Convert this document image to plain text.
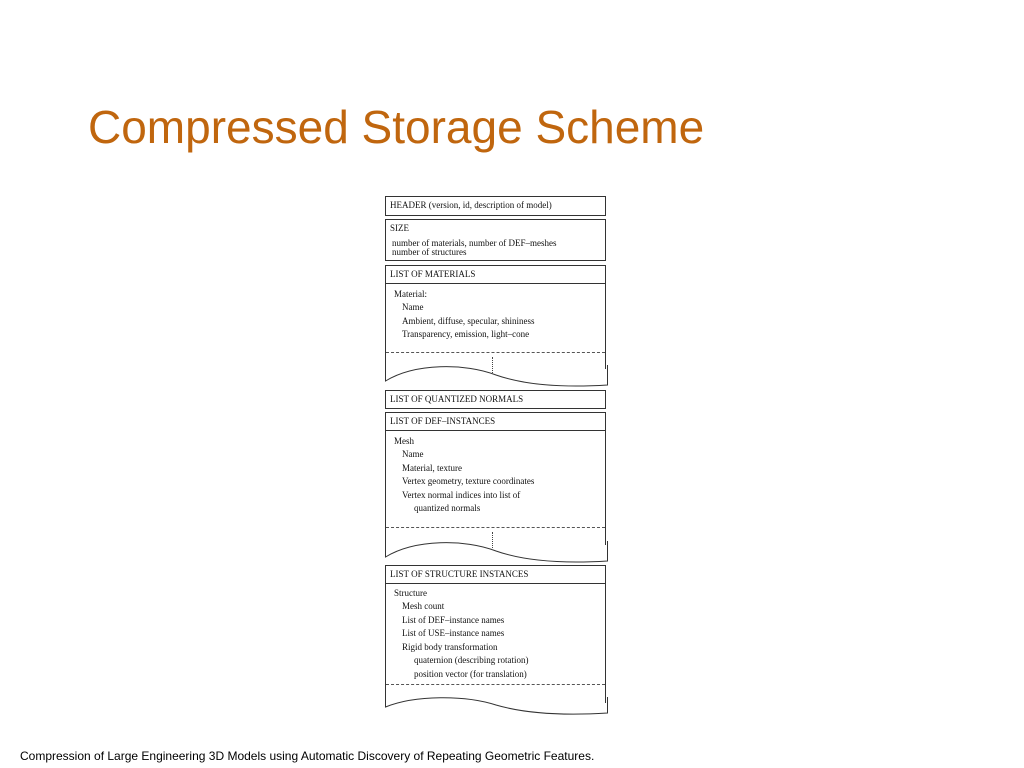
Compressed Storage Scheme
HEADER (version, id, description of model)
SIZE
number of materials, number of DEF–meshes
number of structures
LIST OF MATERIALS
Material:
Name
Ambient, diffuse, specular, shininess
Transparency, emission, light–cone
LIST OF QUANTIZED NORMALS
LIST OF DEF–INSTANCES
Mesh
Name
Material, texture
Vertex geometry, texture coordinates
Vertex normal indices into list of
quantized normals
LIST OF STRUCTURE INSTANCES
Structure
Mesh count
List of DEF–instance names
List of USE–instance names
Rigid body transformation
quaternion (describing rotation)
position vector (for translation)
Compression of Large Engineering 3D Models using Automatic Discovery of Repeating Geometric Features.
